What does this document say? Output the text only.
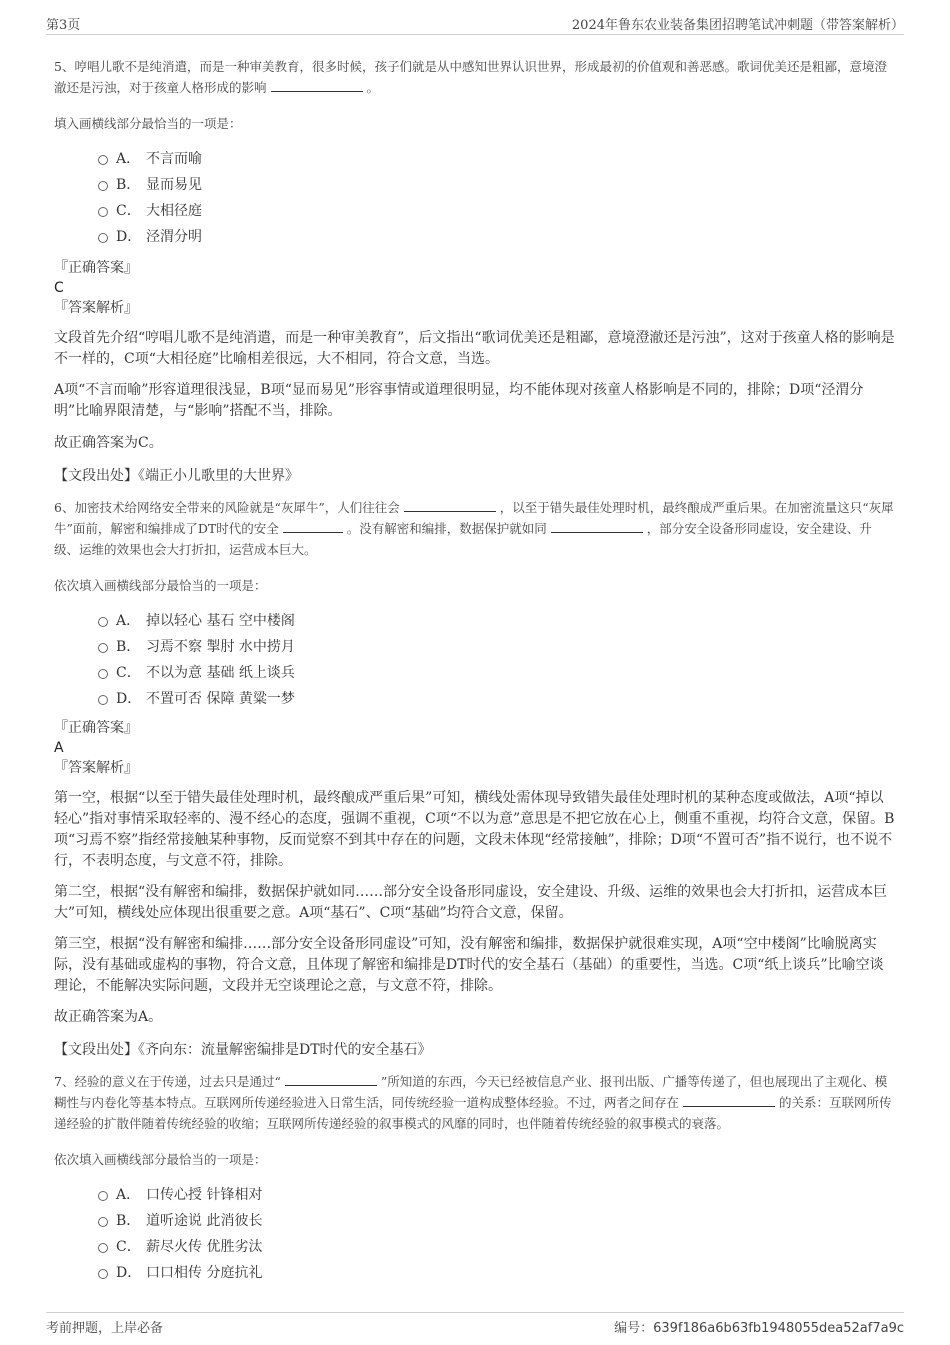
第3页	2024年鲁东农业装备集团招聘笔试冲刺题（带答案解析）

5、哼唱儿歌不是纯消遣，而是一种审美教育，很多时候，孩子们就是从中感知世界认识世界，形成最初的价值观和善恶感。歌词优美还是粗鄙，意境澄澈还是污浊，对于孩童人格形成的影响	。

填入画横线部分最恰当的一项是：

A． 不言而喻
B． 显而易见
C． 大相径庭
D． 泾渭分明

『正确答案』

C

『答案解析』

文段首先介绍“哼唱儿歌不是纯消遣，而是一种审美教育”，后文指出“歌词优美还是粗鄙，意境澄澈还是污浊”，这对于孩童人格的影响是不一样的，C项“大相径庭”比喻相差很远，大不相同，符合文意，当选。

A项“不言而喻”形容道理很浅显，B项“显而易见”形容事情或道理很明显，均不能体现对孩童人格影响是不同的，排除；D项“泾渭分明”比喻界限清楚，与“影响”搭配不当，排除。

故正确答案为C。

【文段出处】《端正小儿歌里的大世界》

6、加密技术给网络安全带来的风险就是“灰犀牛”，人们往往会	，以至于错失最佳处理时机，最终酿成严重后果。在加密流量这只“灰犀牛”面前，解密和编排成了DT时代的安全	。没有解密和编排，数据保护就如同	，部分安全设备形同虚设，安全建设、升级、运维的效果也会大打折扣，运营成本巨大。

依次填入画横线部分最恰当的一项是：

A． 掉以轻心 基石 空中楼阁
B． 习焉不察 掣肘 水中捞月
C． 不以为意 基础 纸上谈兵
D． 不置可否 保障 黄粱一梦

『正确答案』

A

『答案解析』

第一空，根据“以至于错失最佳处理时机，最终酿成严重后果”可知，横线处需体现导致错失最佳处理时机的某种态度或做法，A项“掉以轻心”指对事情采取轻率的、漫不经心的态度，强调不重视，C项“不以为意”意思是不把它放在心上，侧重不重视，均符合文意，保留。B项“习焉不察”指经常接触某种事物，反而觉察不到其中存在的问题，文段未体现“经常接触”，排除；D项“不置可否”指不说行，也不说不行，不表明态度，与文意不符，排除。

第二空，根据“没有解密和编排，数据保护就如同……部分安全设备形同虚设，安全建设、升级、运维的效果也会大打折扣，运营成本巨大”可知，横线处应体现出很重要之意。A项“基石”、C项“基础”均符合文意，保留。

第三空，根据“没有解密和编排……部分安全设备形同虚设”可知，没有解密和编排，数据保护就很难实现，A项“空中楼阁”比喻脱离实际，没有基础或虚构的事物，符合文意，且体现了解密和编排是DT时代的安全基石（基础）的重要性，当选。C项“纸上谈兵”比喻空谈理论，不能解决实际问题，文段并无空谈理论之意，与文意不符，排除。

故正确答案为A。

【文段出处】《齐向东：流量解密编排是DT时代的安全基石》

7、经验的意义在于传递，过去只是通过“	”所知道的东西，今天已经被信息产业、报刊出版、广播等传递了，但也展现出了主观化、模糊性与内卷化等基本特点。互联网所传递经验进入日常生活，同传统经验一道构成整体经验。不过，两者之间存在	的关系：互联网所传递经验的扩散伴随着传统经验的收缩；互联网所传递经验的叙事模式的风靡的同时，也伴随着传统经验的叙事模式的衰落。

依次填入画横线部分最恰当的一项是：

A． 口传心授 针锋相对
B． 道听途说 此消彼长
C． 薪尽火传 优胜劣汰
D． 口口相传 分庭抗礼
考前押题，上岸必备	编号：639f186a6b63fb1948055dea52af7a9c
